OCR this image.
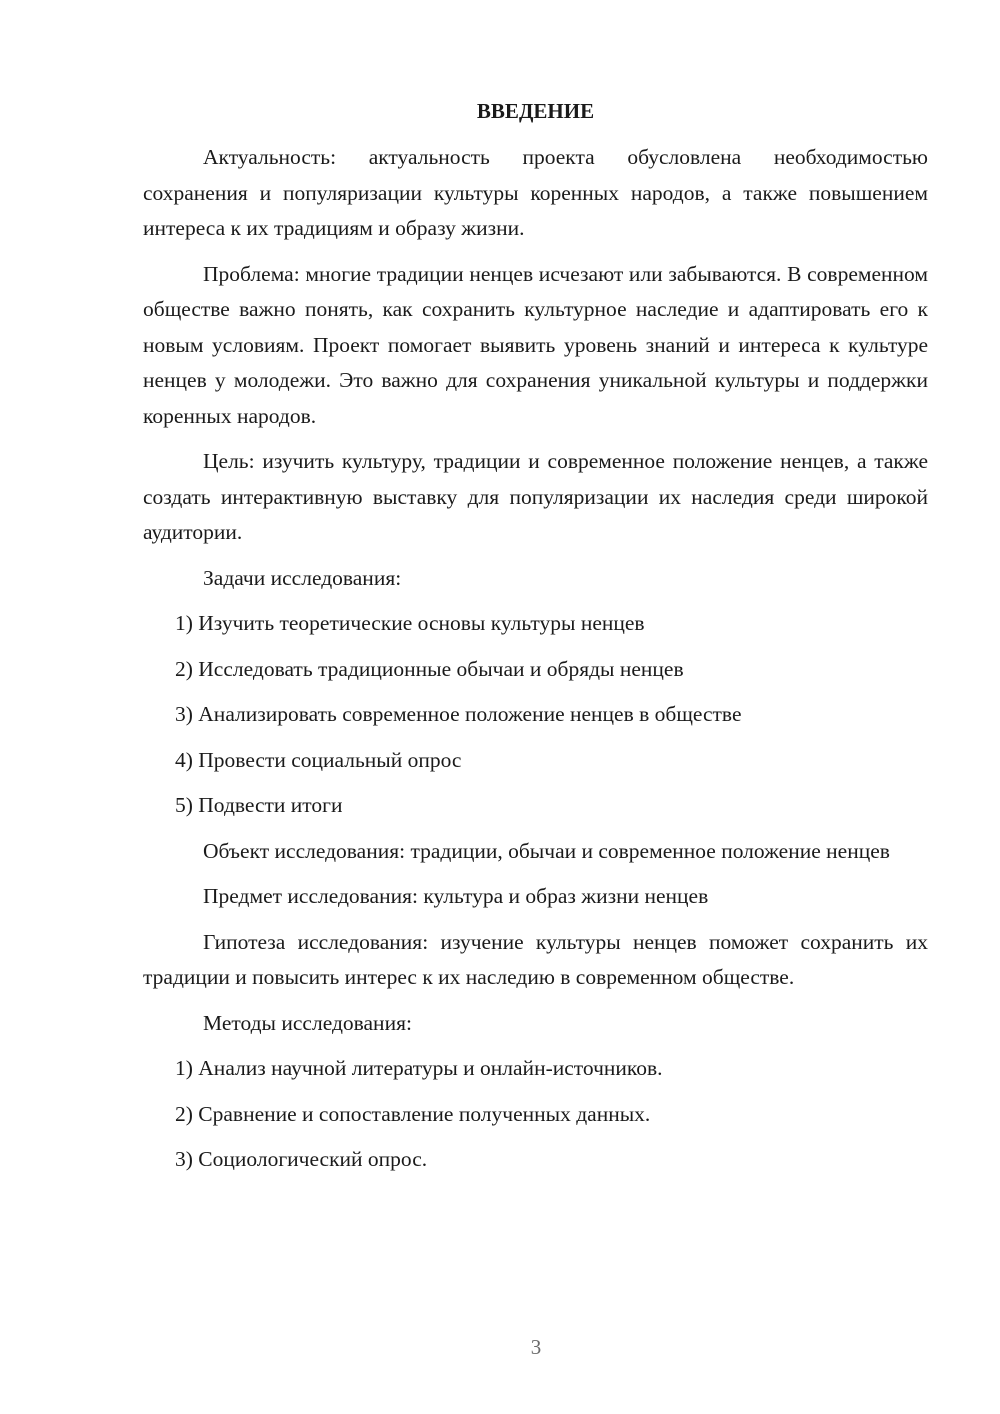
ВВЕДЕНИЕ

Актуальность: актуальность проекта обусловлена необходимостью сохранения и популяризации культуры коренных народов, а также повышением интереса к их традициям и образу жизни.

Проблема: многие традиции ненцев исчезают или забываются. В современном обществе важно понять, как сохранить культурное наследие и адаптировать его к новым условиям. Проект помогает выявить уровень знаний и интереса к культуре ненцев у молодежи. Это важно для сохранения уникальной культуры и поддержки коренных народов.

Цель: изучить культуру, традиции и современное положение ненцев, а также создать интерактивную выставку для популяризации их наследия среди широкой аудитории.

Задачи исследования:

1) Изучить теоретические основы культуры ненцев

2) Исследовать традиционные обычаи и обряды ненцев

3) Анализировать современное положение ненцев в обществе

4) Провести социальный опрос

5) Подвести итоги

Объект исследования: традиции, обычаи и современное положение ненцев

Предмет исследования: культура и образ жизни ненцев

Гипотеза исследования: изучение культуры ненцев поможет сохранить их традиции и повысить интерес к их наследию в современном обществе.

Методы исследования:

1) Анализ научной литературы и онлайн-источников.

2) Сравнение и сопоставление полученных данных.

3) Социологический опрос.

3
